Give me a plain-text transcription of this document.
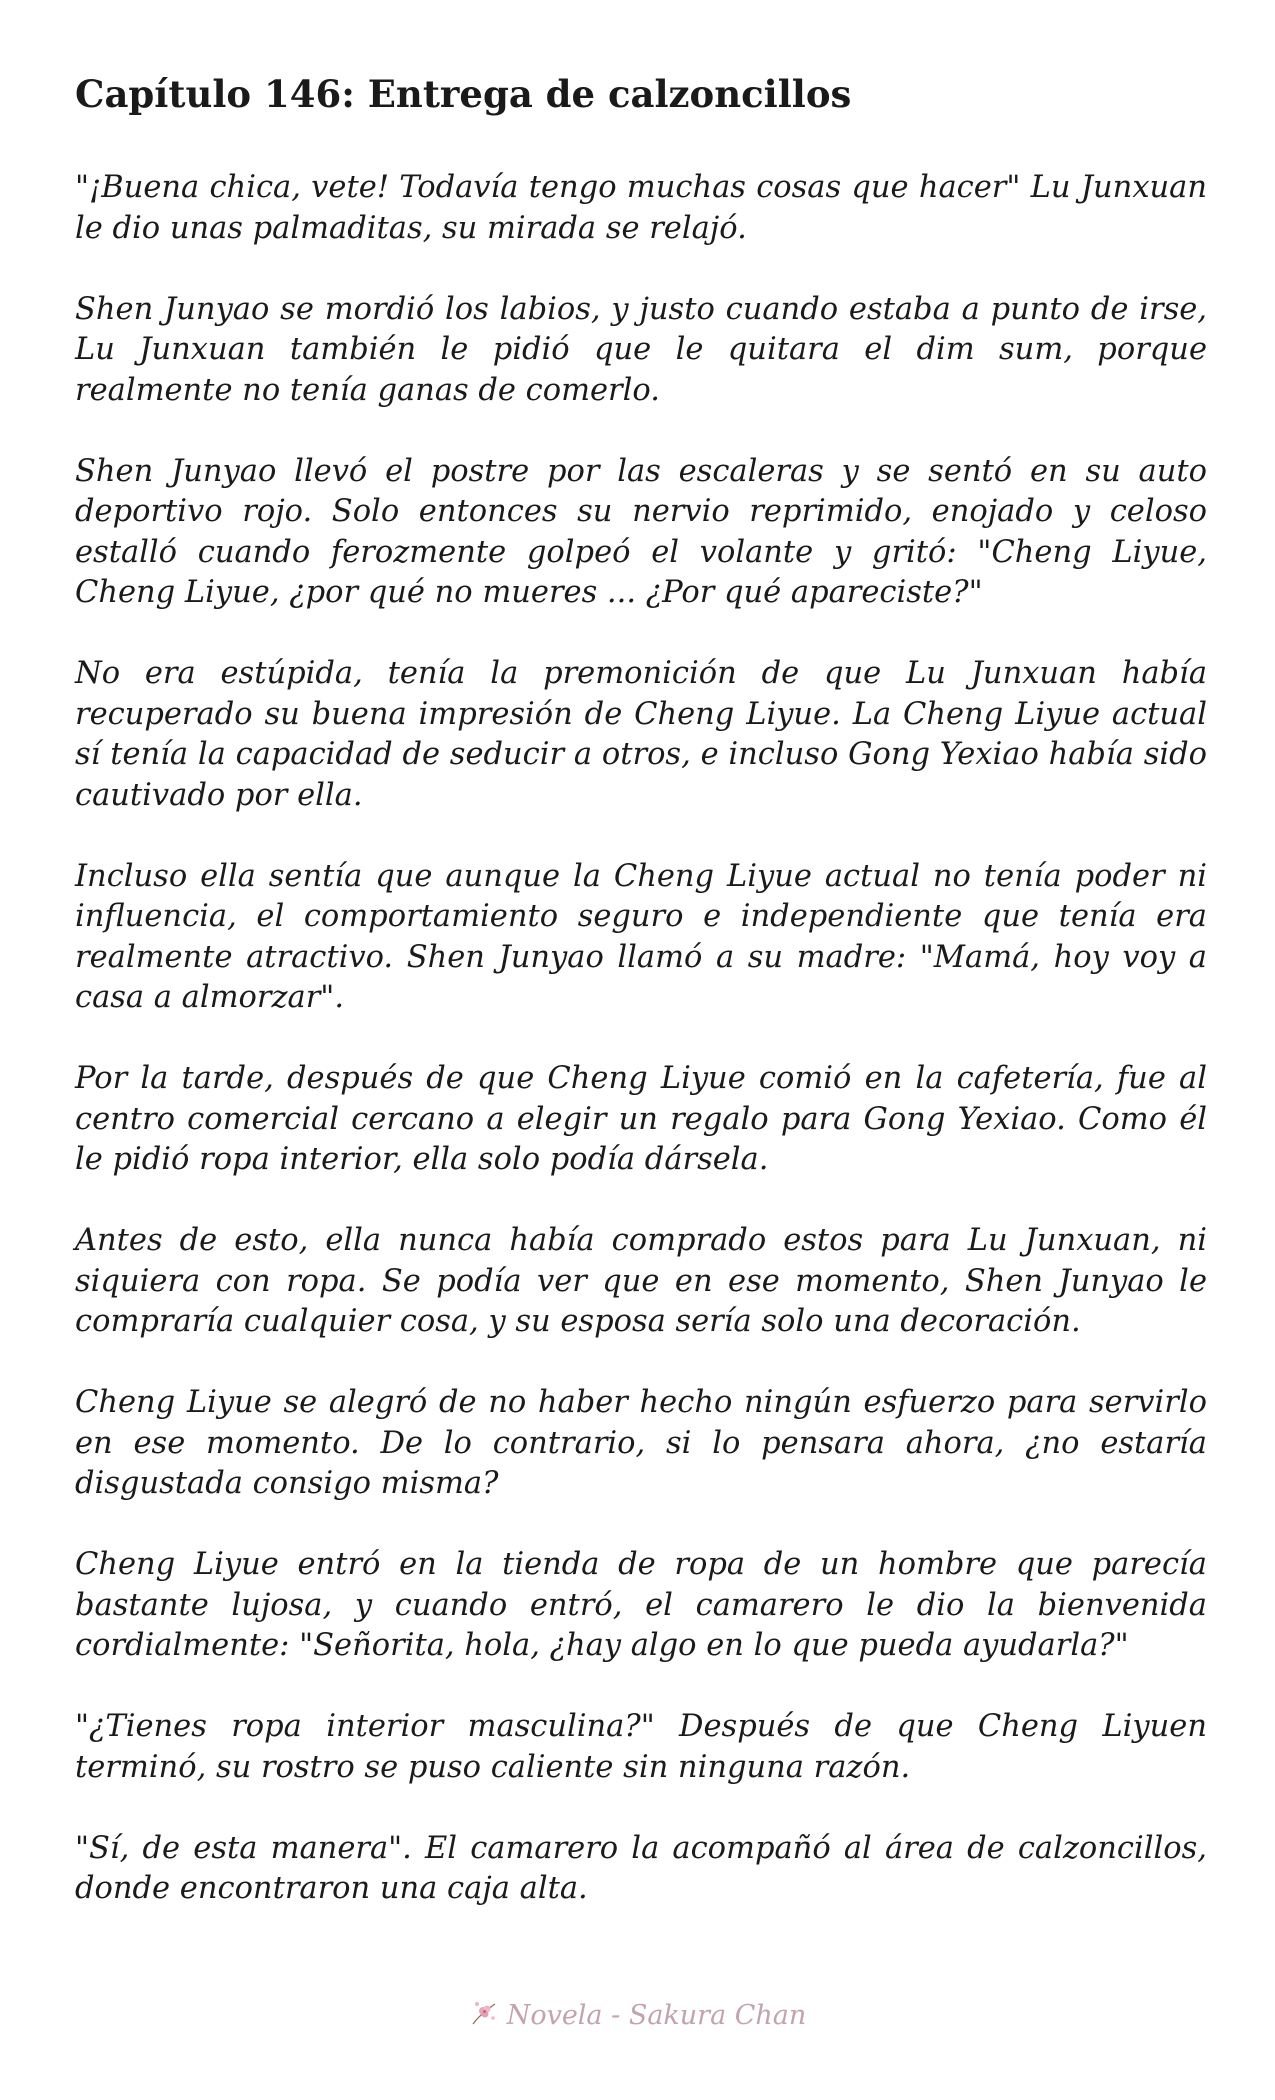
Capítulo 146: Entrega de calzoncillos

"¡Buena chica, vete! Todavía tengo muchas cosas que hacer" Lu Junxuan le dio unas palmaditas, su mirada se relajó.

Shen Junyao se mordió los labios, y justo cuando estaba a punto de irse, Lu Junxuan también le pidió que le quitara el dim sum, porque realmente no tenía ganas de comerlo.

Shen Junyao llevó el postre por las escaleras y se sentó en su auto deportivo rojo. Solo entonces su nervio reprimido, enojado y celoso estalló cuando ferozmente golpeó el volante y gritó: "Cheng Liyue, Cheng Liyue, ¿por qué no mueres ... ¿Por qué apareciste?"

No era estúpida, tenía la premonición de que Lu Junxuan había recuperado su buena impresión de Cheng Liyue. La Cheng Liyue actual sí tenía la capacidad de seducir a otros, e incluso Gong Yexiao había sido cautivado por ella.

Incluso ella sentía que aunque la Cheng Liyue actual no tenía poder ni influencia, el comportamiento seguro e independiente que tenía era realmente atractivo. Shen Junyao llamó a su madre: "Mamá, hoy voy a casa a almorzar".

Por la tarde, después de que Cheng Liyue comió en la cafetería, fue al centro comercial cercano a elegir un regalo para Gong Yexiao. Como él le pidió ropa interior, ella solo podía dársela.

Antes de esto, ella nunca había comprado estos para Lu Junxuan, ni siquiera con ropa. Se podía ver que en ese momento, Shen Junyao le compraría cualquier cosa, y su esposa sería solo una decoración.

Cheng Liyue se alegró de no haber hecho ningún esfuerzo para servirlo en ese momento. De lo contrario, si lo pensara ahora, ¿no estaría disgustada consigo misma?

Cheng Liyue entró en la tienda de ropa de un hombre que parecía bastante lujosa, y cuando entró, el camarero le dio la bienvenida cordialmente: "Señorita, hola, ¿hay algo en lo que pueda ayudarla?"

"¿Tienes ropa interior masculina?" Después de que Cheng Liyuen terminó, su rostro se puso caliente sin ninguna razón.

"Sí, de esta manera". El camarero la acompañó al área de calzoncillos, donde encontraron una caja alta.

Novela - Sakura Chan
